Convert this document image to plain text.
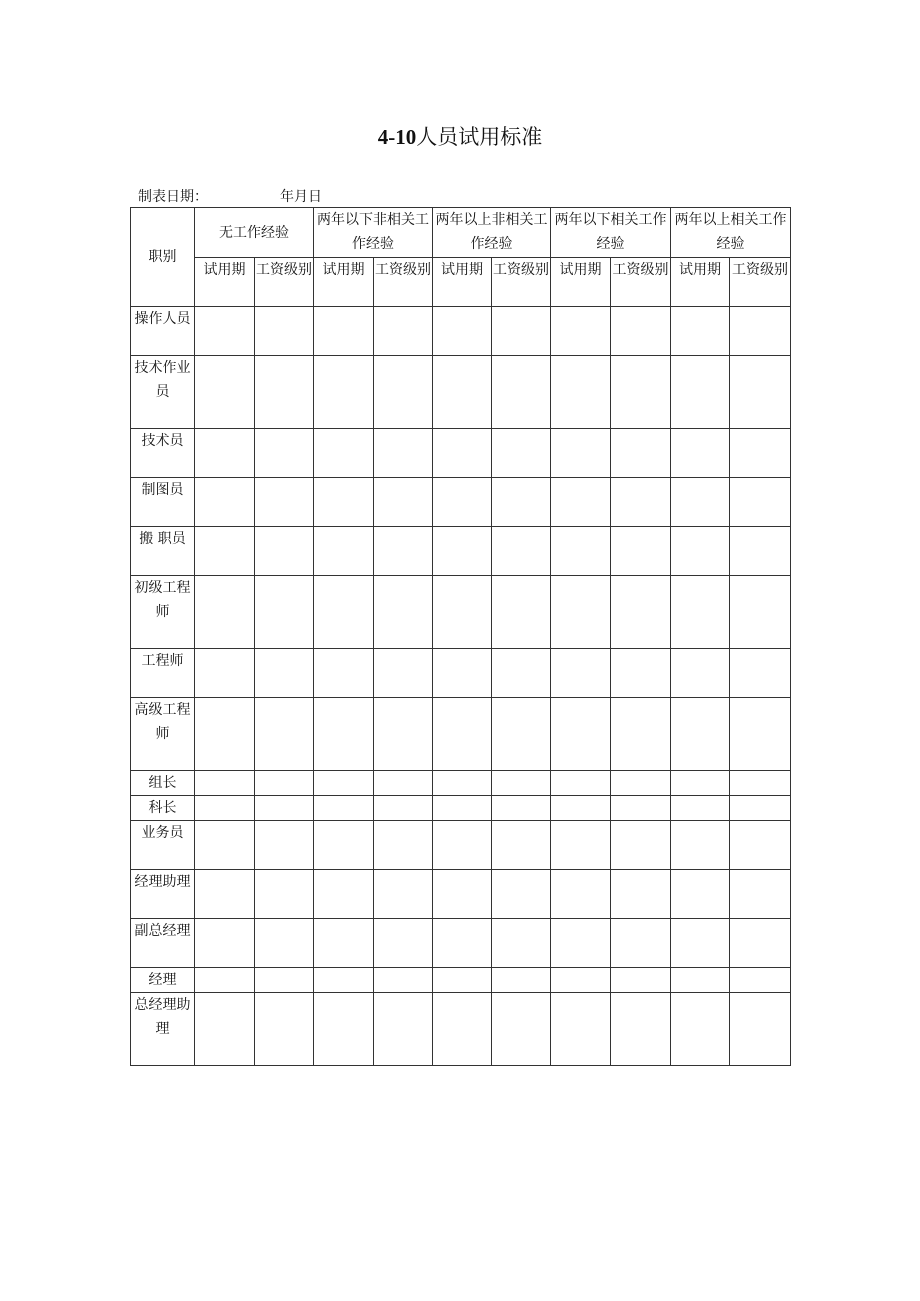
4-10人员试用标准
制表日期：	年月日
职别	无工作经验		两年以下非相关工作经验		两年以上非相关工作经验		两年以下相关工作经验		两年以上相关工作经验	
	试用期	工资级别	试用期	工资级别	试用期	工资级别	试用期	工资级别	试用期	工资级别
操作人员										
技术作业员										
技术员										
制图员										
搬 职员										
初级工程师										
工程师										
高级工程师										
组长										
科长										
业务员										
经理助理										
副总经理										
经理										
总经理助理										
